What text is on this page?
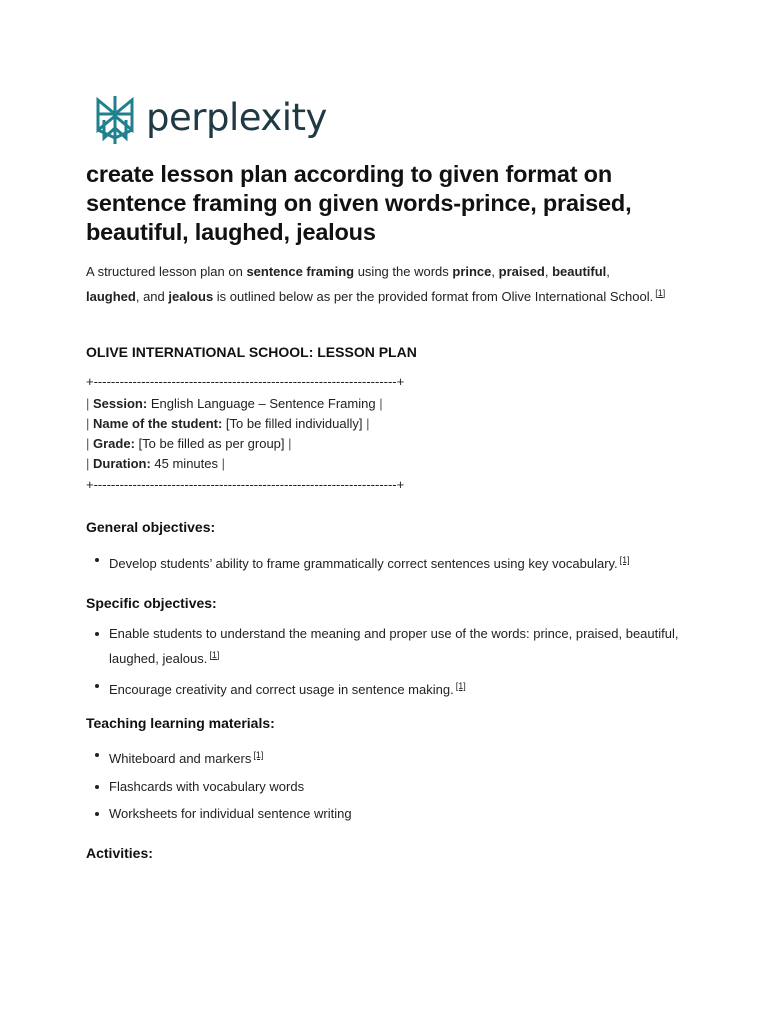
perplexity
create lesson plan according to given format on sentence framing on given words-prince, praised, beautiful, laughed, jealous

A structured lesson plan on sentence framing using the words prince, praised, beautiful,
laughed, and jealous is outlined below as per the provided format from Olive International School. [1]

OLIVE INTERNATIONAL SCHOOL: LESSON PLAN
+----------------------------------------------------------------------+
| Session: English Language – Sentence Framing |
| Name of the student: [To be filled individually] |
| Grade: [To be filled as per group] |
| Duration: 45 minutes |
+----------------------------------------------------------------------+
General objectives:
Develop students’ ability to frame grammatically correct sentences using key vocabulary. [1]
Specific objectives:
Enable students to understand the meaning and proper use of the words: prince, praised, beautiful, laughed, jealous. [1]
Encourage creativity and correct usage in sentence making. [1]
Teaching learning materials:
Whiteboard and markers [1]
Flashcards with vocabulary words
Worksheets for individual sentence writing
Activities:
